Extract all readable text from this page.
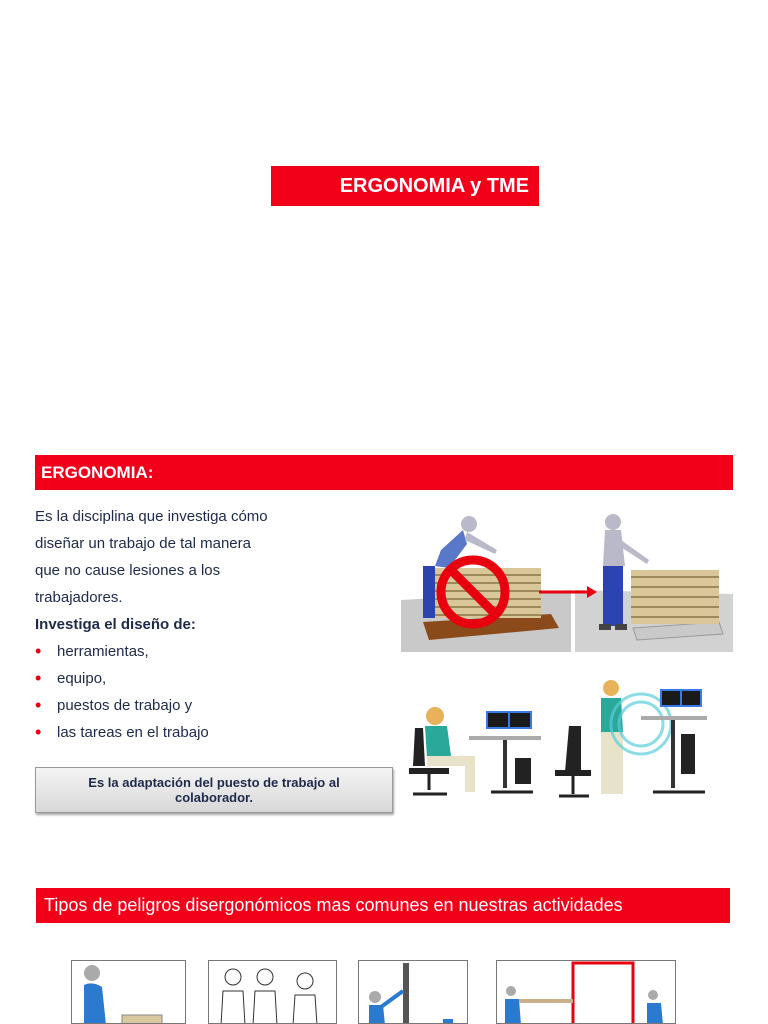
ERGONOMIA y TME
ERGONOMIA:
Es la disciplina que investiga cómo
diseñar un trabajo de tal manera
que no cause lesiones a los
trabajadores.
Investiga el diseño de:
• herramientas,
• equipo,
• puestos de trabajo y
• las tareas en el trabajo
Es la adaptación del puesto de trabajo al colaborador.
Tipos de peligros disergonómicos mas comunes en nuestras actividades
